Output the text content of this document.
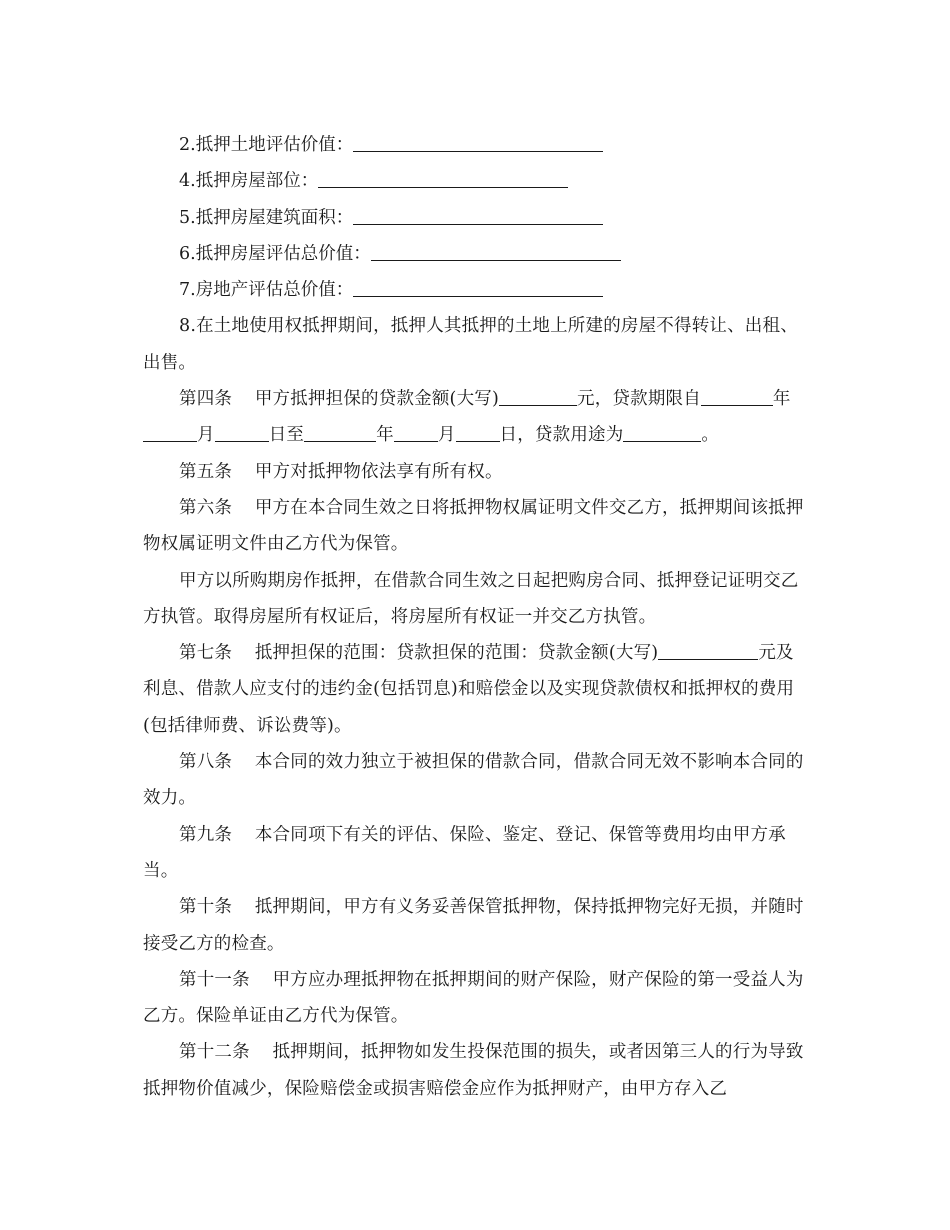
2.抵押土地评估价值：
4.抵押房屋部位：
5.抵押房屋建筑面积：
6.抵押房屋评估总价值：
7.房地产评估总价值：

8.在土地使用权抵押期间，抵押人其抵押的土地上所建的房屋不得转让、出租、出售。

第四条 甲方抵押担保的贷款金额(大写)	元，贷款期限自	年月	日至	年	月	日，贷款用途为	。

第五条 甲方对抵押物依法享有所有权。

第六条 甲方在本合同生效之日将抵押物权属证明文件交乙方，抵押期间该抵押物权属证明文件由乙方代为保管。

甲方以所购期房作抵押，在借款合同生效之日起把购房合同、抵押登记证明交乙方执管。取得房屋所有权证后，将房屋所有权证一并交乙方执管。

第七条 抵押担保的范围：贷款担保的范围：贷款金额(大写)	元及利息、借款人应支付的违约金(包括罚息)和赔偿金以及实现贷款债权和抵押权的费用(包括律师费、诉讼费等)。

第八条 本合同的效力独立于被担保的借款合同，借款合同无效不影响本合同的效力。

第九条 本合同项下有关的评估、保险、鉴定、登记、保管等费用均由甲方承当。

第十条 抵押期间，甲方有义务妥善保管抵押物，保持抵押物完好无损，并随时接受乙方的检查。

第十一条 甲方应办理抵押物在抵押期间的财产保险，财产保险的第一受益人为乙方。保险单证由乙方代为保管。

第十二条 抵押期间，抵押物如发生投保范围的损失，或者因第三人的行为导致抵押物价值减少，保险赔偿金或损害赔偿金应作为抵押财产，由甲方存入乙
